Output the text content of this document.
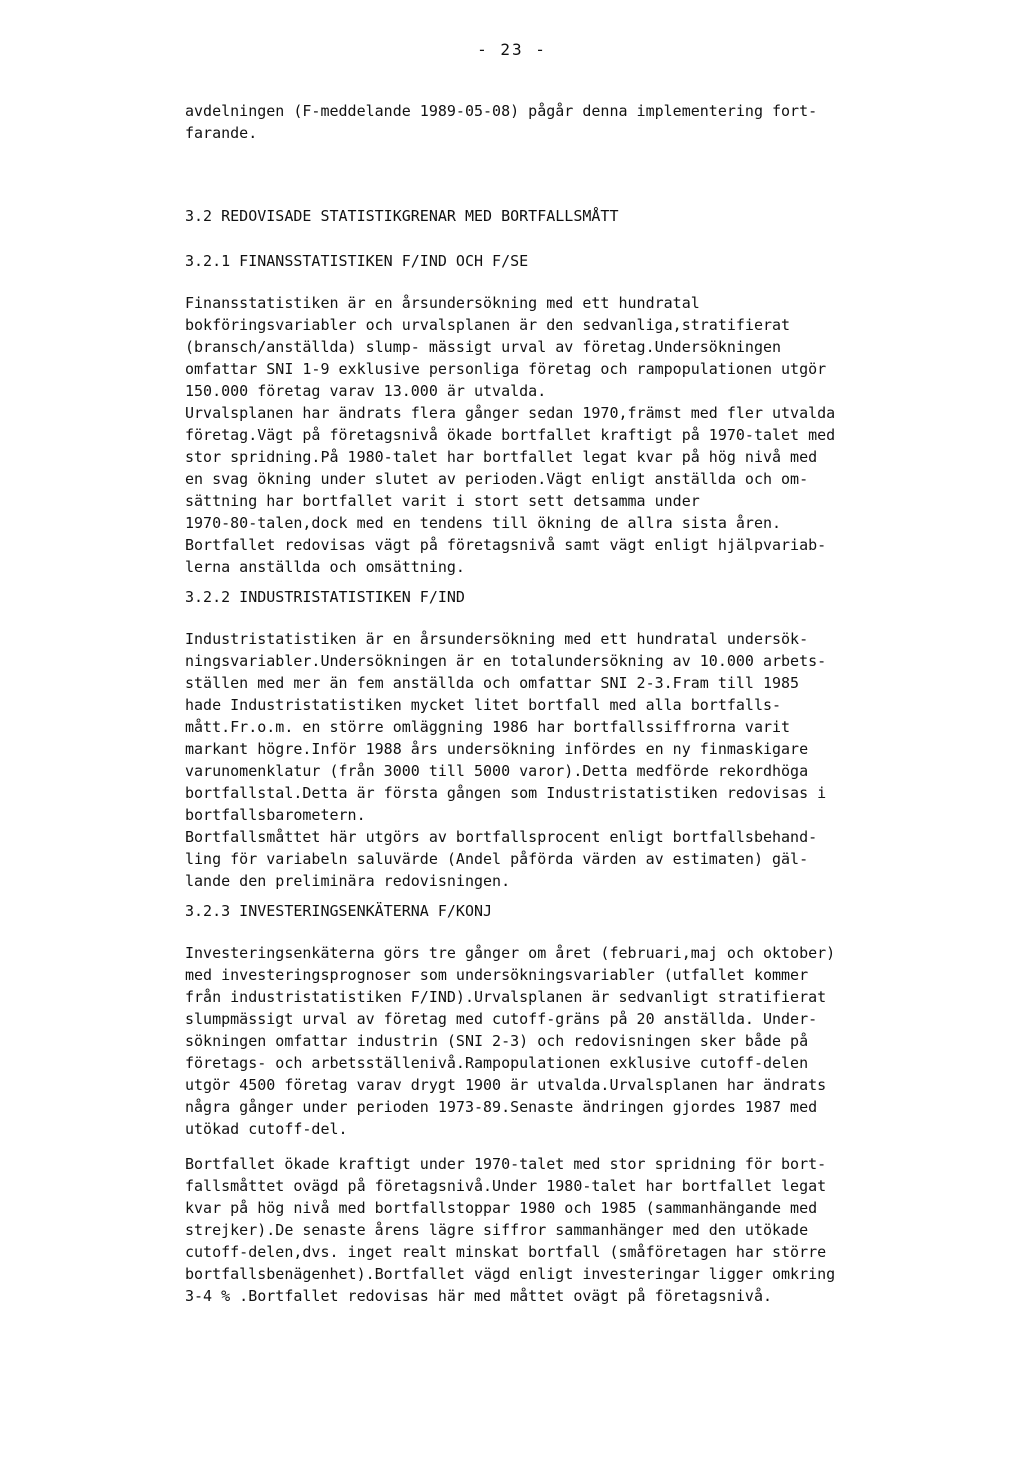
- 23 -
avdelningen (F-meddelande 1989-05-08) pågår denna implementering fort-
farande.
3.2 REDOVISADE STATISTIKGRENAR MED BORTFALLSMÅTT
3.2.1 FINANSSTATISTIKEN F/IND OCH F/SE
Finansstatistiken är en årsundersökning med ett hundratal
bokföringsvariabler och urvalsplanen är den sedvanliga,stratifierat
(bransch/anställda) slump- mässigt urval av företag.Undersökningen
omfattar SNI 1-9 exklusive personliga företag och rampopulationen utgör
150.000 företag varav 13.000 är utvalda.
Urvalsplanen har ändrats flera gånger sedan 1970,främst med fler utvalda
företag.Vägt på företagsnivå ökade bortfallet kraftigt på 1970-talet med
stor spridning.På 1980-talet har bortfallet legat kvar på hög nivå med
en svag ökning under slutet av perioden.Vägt enligt anställda och om-
sättning har bortfallet varit i stort sett detsamma under
1970-80-talen,dock med en tendens till ökning de allra sista åren.
Bortfallet redovisas vägt på företagsnivå samt vägt enligt hjälpvariab-
lerna anställda och omsättning.
3.2.2 INDUSTRISTATISTIKEN F/IND
Industristatistiken är en årsundersökning med ett hundratal undersök-
ningsvariabler.Undersökningen är en totalundersökning av 10.000 arbets-
ställen med mer än fem anställda och omfattar SNI 2-3.Fram till 1985
hade Industristatistiken mycket litet bortfall med alla bortfalls-
mått.Fr.o.m. en större omläggning 1986 har bortfallssiffrorna varit
markant högre.Inför 1988 års undersökning infördes en ny finmaskigare
varunomenklatur (från 3000 till 5000 varor).Detta medförde rekordhöga
bortfallstal.Detta är första gången som Industristatistiken redovisas i
bortfallsbarometern.
Bortfallsmåttet här utgörs av bortfallsprocent enligt bortfallsbehand-
ling för variabeln saluvärde (Andel påförda värden av estimaten) gäl-
lande den preliminära redovisningen.
3.2.3 INVESTERINGSENKÄTERNA F/KONJ
Investeringsenkäterna görs tre gånger om året (februari,maj och oktober)
med investeringsprognoser som undersökningsvariabler (utfallet kommer
från industristatistiken F/IND).Urvalsplanen är sedvanligt stratifierat
slumpmässigt urval av företag med cutoff-gräns på 20 anställda. Under-
sökningen omfattar industrin (SNI 2-3) och redovisningen sker både på
företags- och arbetsställenivå.Rampopulationen exklusive cutoff-delen
utgör 4500 företag varav drygt 1900 är utvalda.Urvalsplanen har ändrats
några gånger under perioden 1973-89.Senaste ändringen gjordes 1987 med
utökad cutoff-del.
Bortfallet ökade kraftigt under 1970-talet med stor spridning för bort-
fallsmåttet ovägd på företagsnivå.Under 1980-talet har bortfallet legat
kvar på hög nivå med bortfallstoppar 1980 och 1985 (sammanhängande med
strejker).De senaste årens lägre siffror sammanhänger med den utökade
cutoff-delen,dvs. inget realt minskat bortfall (småföretagen har större
bortfallsbenägenhet).Bortfallet vägd enligt investeringar ligger omkring
3-4 % .Bortfallet redovisas här med måttet ovägt på företagsnivå.
